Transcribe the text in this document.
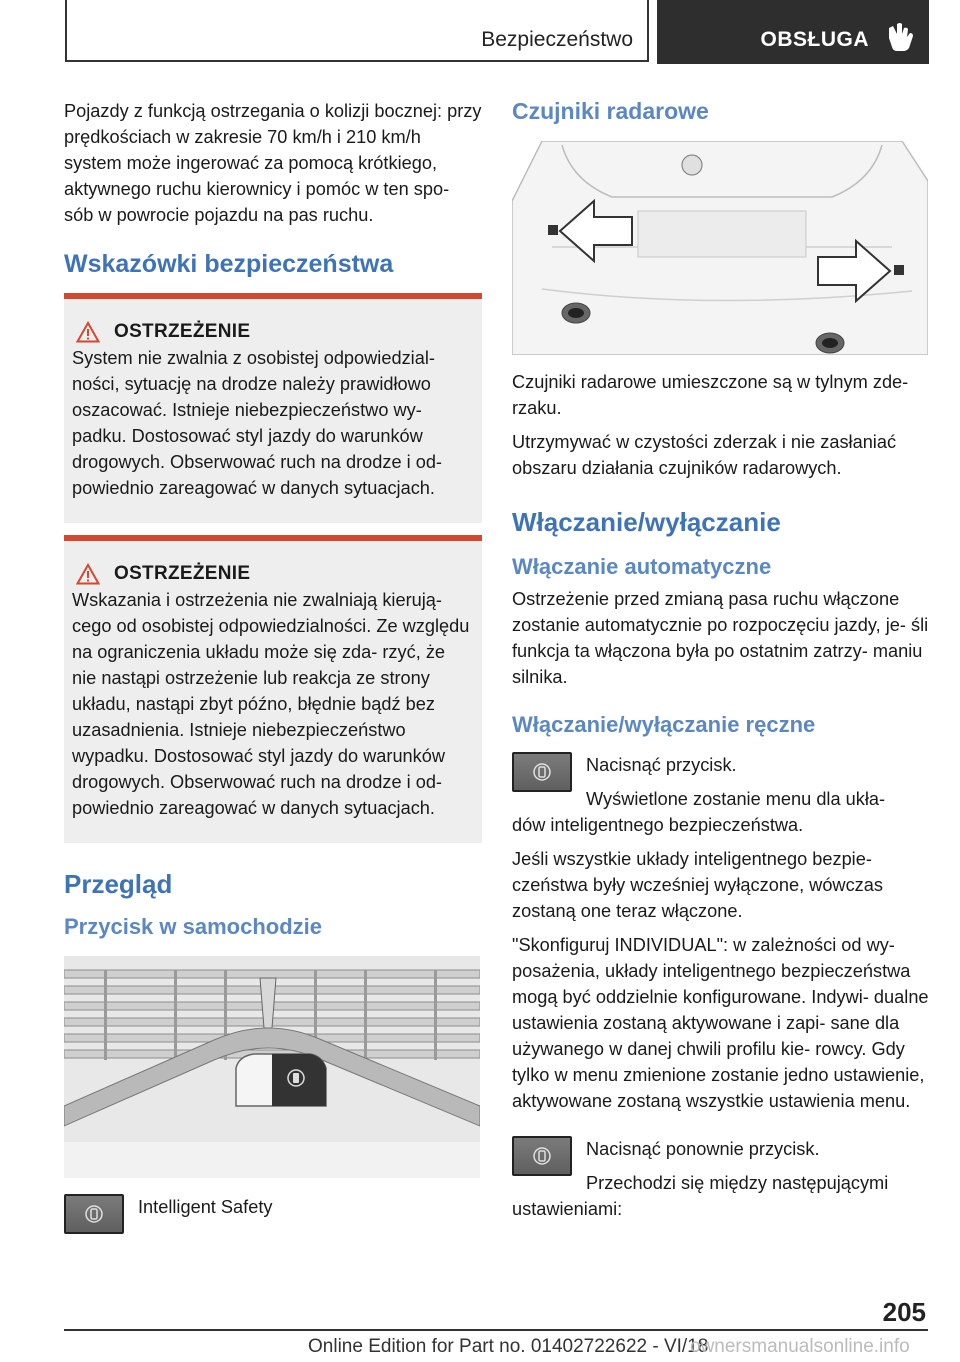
Bezpieczeństwo	OBSŁUGA

Pojazdy z funkcją ostrzegania o kolizji bocznej: przy prędkościach w zakresie 70 km/h i 210 km/h system może ingerować za pomocą krótkiego, aktywnego ruchu kierownicy i pomóc w ten spo‐ sób w powrocie pojazdu na pas ruchu.

Wskazówki bezpieczeństwa
OSTRZEŻENIE

System nie zwalnia z osobistej odpowiedzial‐ ności, sytuację na drodze należy prawidłowo oszacować. Istnieje niebezpieczeństwo wy‐ padku. Dostosować styl jazdy do warunków drogowych. Obserwować ruch na drodze i od‐ powiednio zareagować w danych sytuacjach.

OSTRZEŻENIE

Wskazania i ostrzeżenia nie zwalniają kierują‐ cego od osobistej odpowiedzialności. Ze względu na ograniczenia układu może się zda‐ rzyć, że nie nastąpi ostrzeżenie lub reakcja ze strony układu, nastąpi zbyt późno, błędnie bądź bez uzasadnienia. Istnieje niebezpieczeństwo wypadku. Dostosować styl jazdy do warunków drogowych. Obserwować ruch na drodze i od‐ powiednio zareagować w danych sytuacjach.

Przegląd
Przycisk w samochodzie

Intelligent Safety

Czujniki radarowe

Czujniki radarowe umieszczone są w tylnym zde‐ rzaku.

Utrzymywać w czystości zderzak i nie zasłaniać obszaru działania czujników radarowych.

Włączanie/wyłączanie
Włączanie automatyczne

Ostrzeżenie przed zmianą pasa ruchu włączone zostanie automatycznie po rozpoczęciu jazdy, je‐ śli funkcja ta włączona była po ostatnim zatrzy‐ maniu silnika.

Włączanie/wyłączanie ręczne

Nacisnąć przycisk.

Wyświetlone zostanie menu dla ukła‐

dów inteligentnego bezpieczeństwa.

Jeśli wszystkie układy inteligentnego bezpie‐ czeństwa były wcześniej wyłączone, wówczas zostaną one teraz włączone.

"Skonfiguruj INDIVIDUAL": w zależności od wy‐ posażenia, układy inteligentnego bezpieczeństwa mogą być oddzielnie konfigurowane. Indywi‐ dualne ustawienia zostaną aktywowane i zapi‐ sane dla używanego w danej chwili profilu kie‐ rowcy. Gdy tylko w menu zmienione zostanie jedno ustawienie, aktywowane zostaną wszystkie ustawienia menu.

Nacisnąć ponownie przycisk.

Przechodzi się między następującymi

ustawieniami:

205
Online Edition for Part no. 01402722622 - VI/18
ownersmanualsonline.info
